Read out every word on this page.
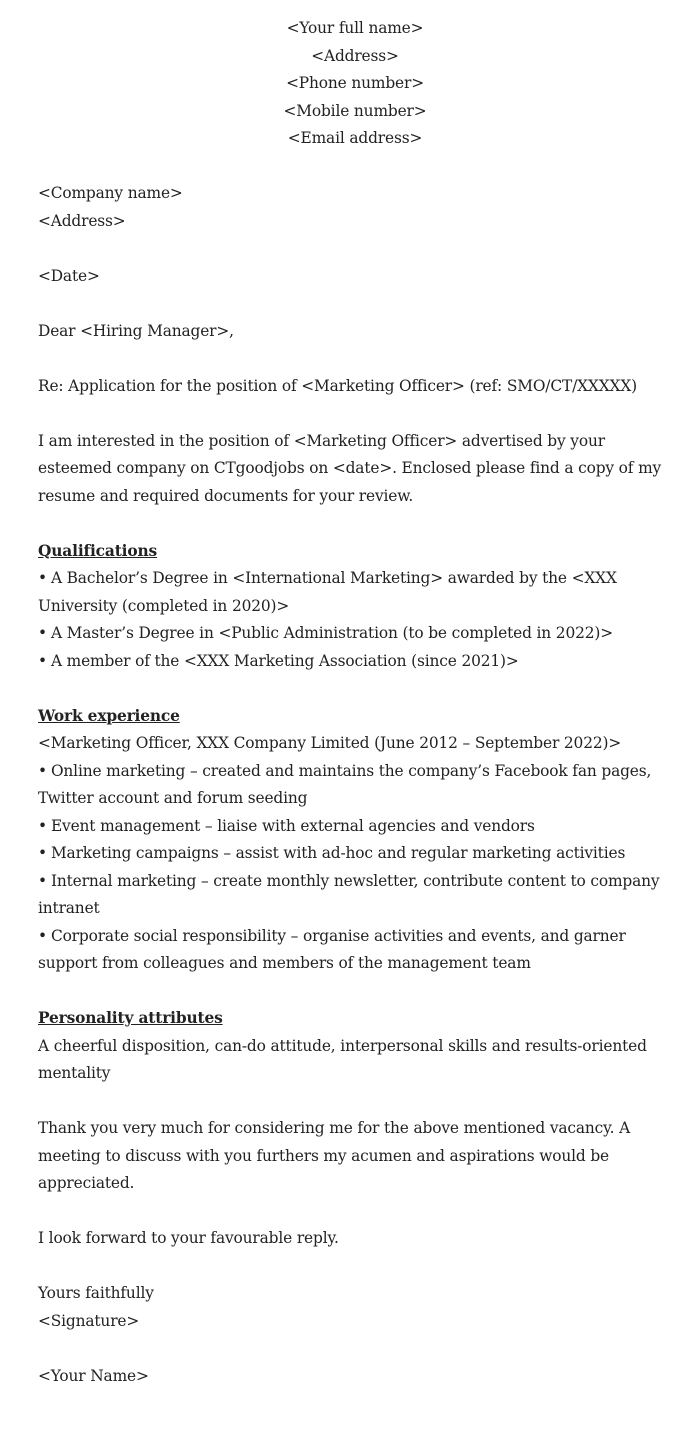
<Your full name>
<Address>
<Phone number>
<Mobile number>
<Email address>
<Company name>
<Address>
<Date>
Dear <Hiring Manager>,
Re: Application for the position of <Marketing Officer> (ref: SMO/CT/XXXXX)
I am interested in the position of <Marketing Officer> advertised by your esteemed company on CTgoodjobs on <date>. Enclosed please find a copy of my resume and required documents for your review.
Qualifications
• A Bachelor’s Degree in <International Marketing> awarded by the <XXX University (completed in 2020)>
• A Master’s Degree in <Public Administration (to be completed in 2022)>
• A member of the <XXX Marketing Association (since 2021)>
Work experience
<Marketing Officer, XXX Company Limited (June 2012 – September 2022)>
• Online marketing – created and maintains the company’s Facebook fan pages, Twitter account and forum seeding
• Event management – liaise with external agencies and vendors
• Marketing campaigns – assist with ad-hoc and regular marketing activities
• Internal marketing – create monthly newsletter, contribute content to company intranet
• Corporate social responsibility – organise activities and events, and garner support from colleagues and members of the management team
Personality attributes
A cheerful disposition, can-do attitude, interpersonal skills and results-oriented mentality
Thank you very much for considering me for the above mentioned vacancy. A meeting to discuss with you furthers my acumen and aspirations would be appreciated.
I look forward to your favourable reply.
Yours faithfully
<Signature>
<Your Name>
